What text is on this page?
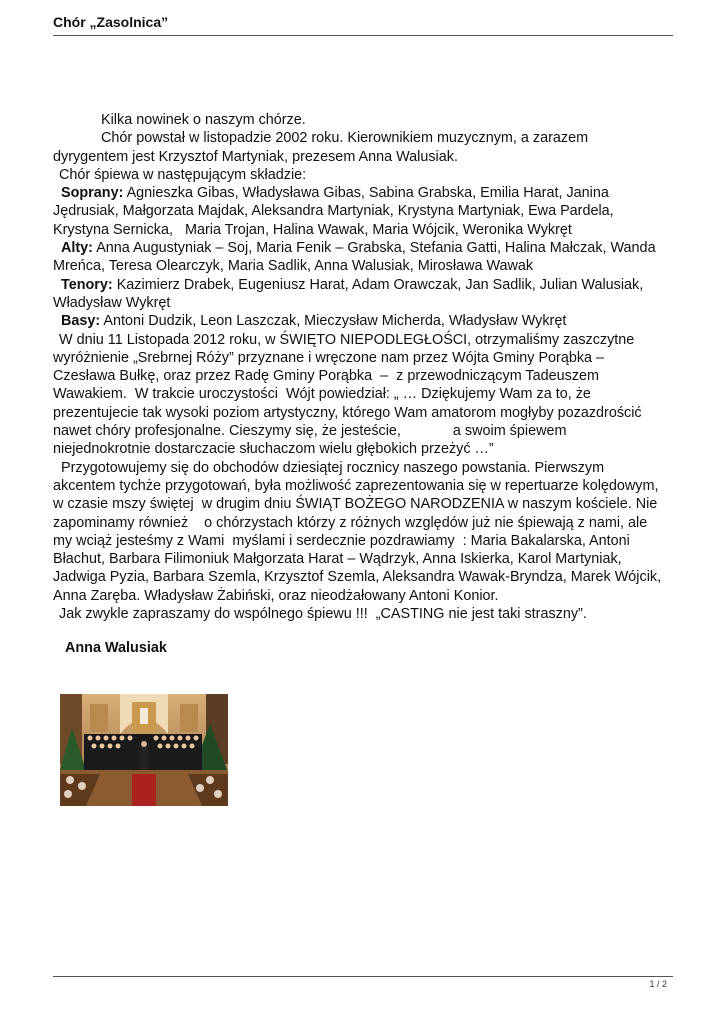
Chór „Zasolnica”
Kilka nowinek o naszym chórze.
Chór powstał w listopadzie 2002 roku. Kierownikiem muzycznym, a zarazem
dyrygentem jest Krzysztof Martyniak, prezesem Anna Walusiak.
Chór śpiewa w następującym składzie:
Soprany: Agnieszka Gibas, Władysława Gibas, Sabina Grabska, Emilia Harat, Janina
Jędrusiak, Małgorzata Majdak, Aleksandra Martyniak, Krystyna Martyniak, Ewa Pardela,
Krystyna Sernicka,   Maria Trojan, Halina Wawak, Maria Wójcik, Weronika Wykręt
Alty: Anna Augustyniak – Soj, Maria Fenik – Grabska, Stefania Gatti, Halina Małczak, Wanda
Mreńca, Teresa Olearczyk, Maria Sadlik, Anna Walusiak, Mirosława Wawak
Tenory: Kazimierz Drabek, Eugeniusz Harat, Adam Orawczak, Jan Sadlik, Julian Walusiak,
Władysław Wykręt
Basy: Antoni Dudzik, Leon Laszczak, Mieczysław Micherda, Władysław Wykręt
W dniu 11 Listopada 2012 roku, w ŚWIĘTO NIEPODLEGŁOŚCI, otrzymaliśmy zaszczytne
wyróżnienie „Srebrnej Róży” przyznane i wręczone nam przez Wójta Gminy Porąbka –
Czesława Bułkę, oraz przez Radę Gminy Porąbka  –  z przewodniczącym Tadeuszem
Wawakiem.  W trakcie uroczystości  Wójt powiedział: „ … Dziękujemy Wam za to, że
prezentujecie tak wysoki poziom artystyczny, którego Wam amatorom mogłyby pozazdrościć
nawet chóry profesjonalne. Cieszymy się, że jesteście,             a swoim śpiewem
niejednokrotnie dostarczacie słuchaczom wielu głębokich przeżyć …”
Przygotowujemy się do obchodów dziesiątej rocznicy naszego powstania. Pierwszym
akcentem tychże przygotowań, była możliwość zaprezentowania się w repertuarze kolędowym,
w czasie mszy świętej  w drugim dniu ŚWIĄT BOŻEGO NARODZENIA w naszym kościele. Nie
zapominamy również    o chórzystach którzy z różnych względów już nie śpiewają z nami, ale
my wciąż jesteśmy z Wami  myślami i serdecznie pozdrawiamy  : Maria Bakalarska, Antoni
Błachut, Barbara Filimoniuk Małgorzata Harat – Wądrzyk, Anna Iskierka, Karol Martyniak,
Jadwiga Pyzia, Barbara Szemla, Krzysztof Szemla, Aleksandra Wawak-Bryndza, Marek Wójcik,
Anna Zaręba. Władysław Żabiński, oraz nieodżałowany Antoni Konior.
Jak zwykle zapraszamy do wspólnego śpiewu !!!  „CASTING nie jest taki straszny”.
Anna Walusiak
1 / 2
